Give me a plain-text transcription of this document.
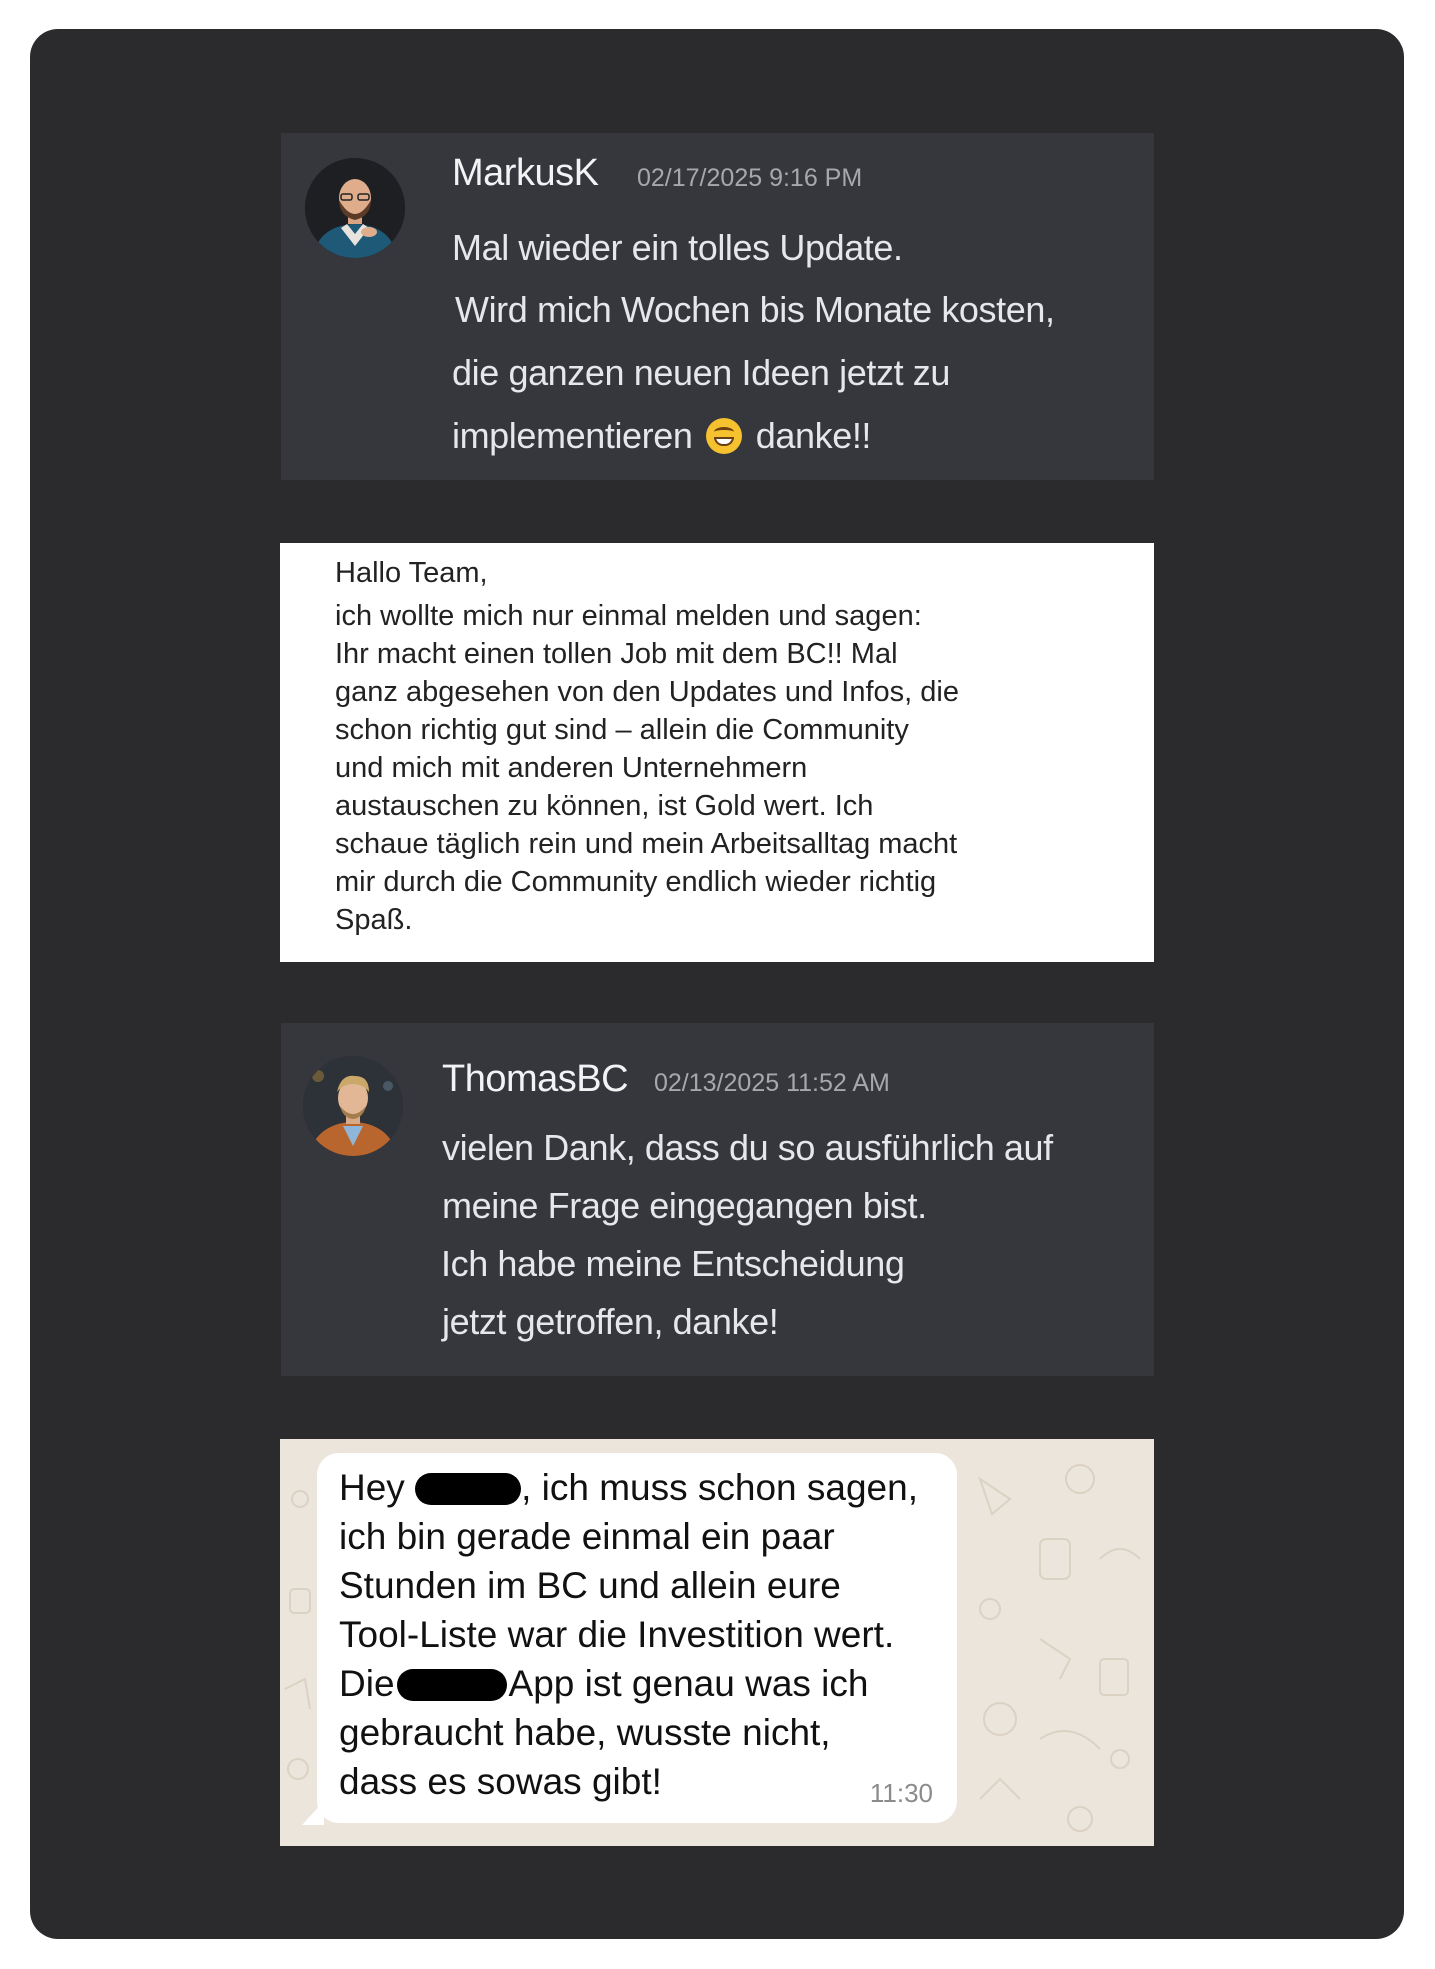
MarkusK 02/17/2025 9:16 PM
Mal wieder ein tolles Update.
Wird mich Wochen bis Monate kosten,
die ganzen neuen Ideen jetzt zu
implementieren danke!!
Hallo Team,
ich wollte mich nur einmal melden und sagen:
Ihr macht einen tollen Job mit dem BC!! Mal
ganz abgesehen von den Updates und Infos, die
schon richtig gut sind – allein die Community
und mich mit anderen Unternehmern
austauschen zu können, ist Gold wert. Ich
schaue täglich rein und mein Arbeitsalltag macht
mir durch die Community endlich wieder richtig
Spaß.
ThomasBC 02/13/2025 11:52 AM
vielen Dank, dass du so ausführlich auf
meine Frage eingegangen bist.
Ich habe meine Entscheidung
jetzt getroffen, danke!
Hey	, ich muss schon sagen,
ich bin gerade einmal ein paar
Stunden im BC und allein eure
Tool-Liste war die Investition wert.
Die	App ist genau was ich
gebraucht habe, wusste nicht,
dass es sowas gibt!	11:30
